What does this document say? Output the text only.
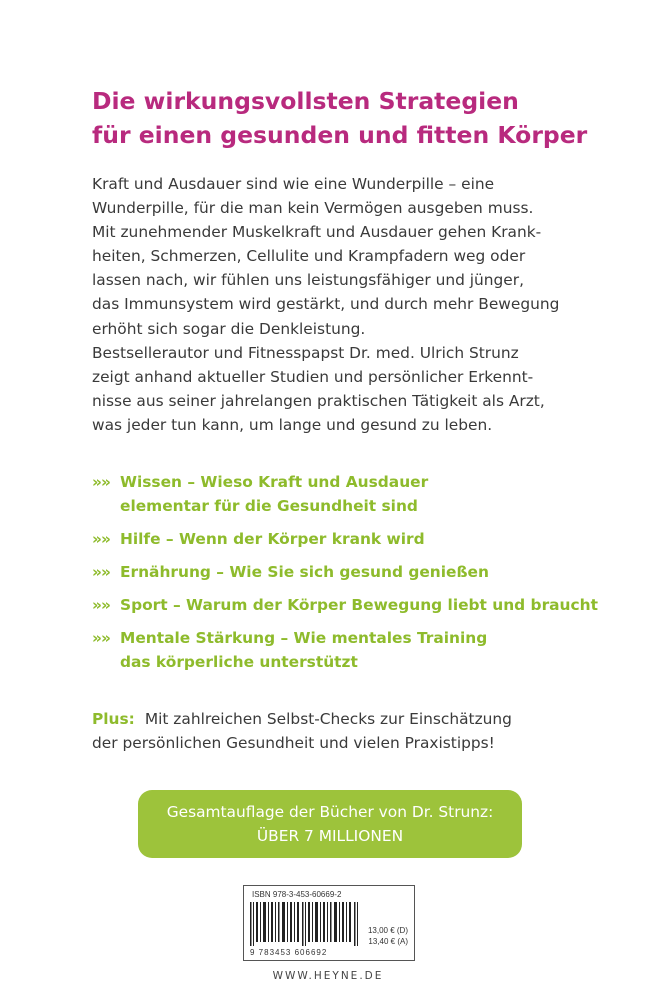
Die wirkungsvollsten Strategien
für einen gesunden und fitten Körper
Kraft und Ausdauer sind wie eine Wunderpille – eine
Wunderpille, für die man kein Vermögen ausgeben muss.
Mit zunehmender Muskelkraft und Ausdauer gehen Krank-
heiten, Schmerzen, Cellulite und Krampfadern weg oder
lassen nach, wir fühlen uns leistungsfähiger und jünger,
das Immunsystem wird gestärkt, und durch mehr Bewegung
erhöht sich sogar die Denkleistung.
Bestsellerautor und Fitnesspapst Dr. med. Ulrich Strunz
zeigt anhand aktueller Studien und persönlicher Erkennt-
nisse aus seiner jahrelangen praktischen Tätigkeit als Arzt,
was jeder tun kann, um lange und gesund zu leben.
»» Wissen – Wieso Kraft und Ausdauer
elementar für die Gesundheit sind
»» Hilfe – Wenn der Körper krank wird
»» Ernährung – Wie Sie sich gesund genießen
»» Sport – Warum der Körper Bewegung liebt und braucht
»» Mentale Stärkung – Wie mentales Training
das körperliche unterstützt
Plus: Mit zahlreichen Selbst-Checks zur Einschätzung
der persönlichen Gesundheit und vielen Praxistipps!
Gesamtauflage der Bücher von Dr. Strunz:
ÜBER 7 MILLIONEN
ISBN 978-3-453-60669-2
13,00 € (D)
13,40 € (A)
9 783453 606692
WWW.HEYNE.DE
